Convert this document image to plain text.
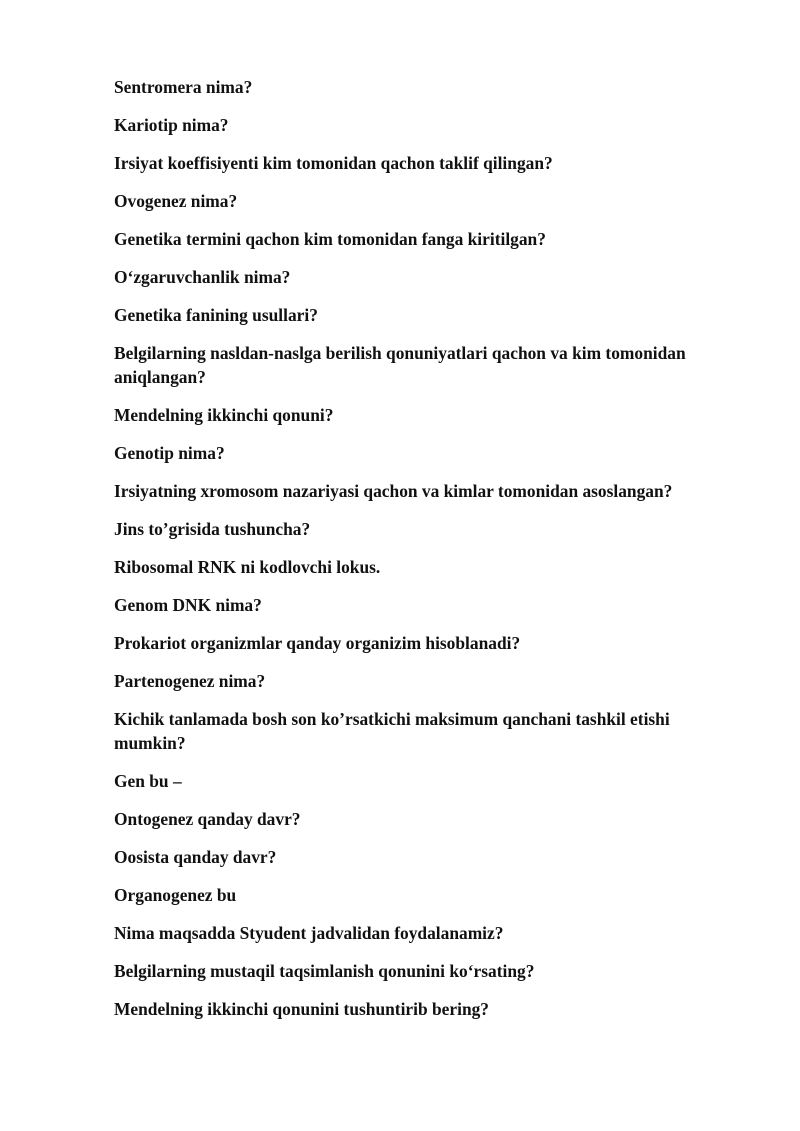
Sentromera nima?
Kariotip nima?
Irsiyat koeffisiyenti kim tomonidan qachon taklif qilingan?
Ovogenez nima?
Genetika termini qachon kim tomonidan fanga kiritilgan?
O‘zgaruvchanlik nima?
Genetika fanining usullari?
Belgilarning nasldan-naslga berilish qonuniyatlari qachon va kim tomonidan aniqlangan?
Mendelning ikkinchi qonuni?
Genotip nima?
Irsiyatning xromosom nazariyasi qachon va kimlar tomonidan asoslangan?
Jins to’grisida tushuncha?
Ribosomal RNK ni kodlovchi lokus.
Genom DNK nima?
Prokariot organizmlar qanday organizim hisoblanadi?
Partenogenez nima?
Kichik tanlamada bosh son ko’rsatkichi maksimum qanchani tashkil etishi mumkin?
Gen bu –
Ontogenez qanday davr?
Oosista qanday davr?
Organogenez bu
Nima maqsadda Styudent jadvalidan foydalanamiz?
Belgilarning mustaqil taqsimlanish qonunini ko‘rsating?
Mendelning ikkinchi qonunini tushuntirib bering?
